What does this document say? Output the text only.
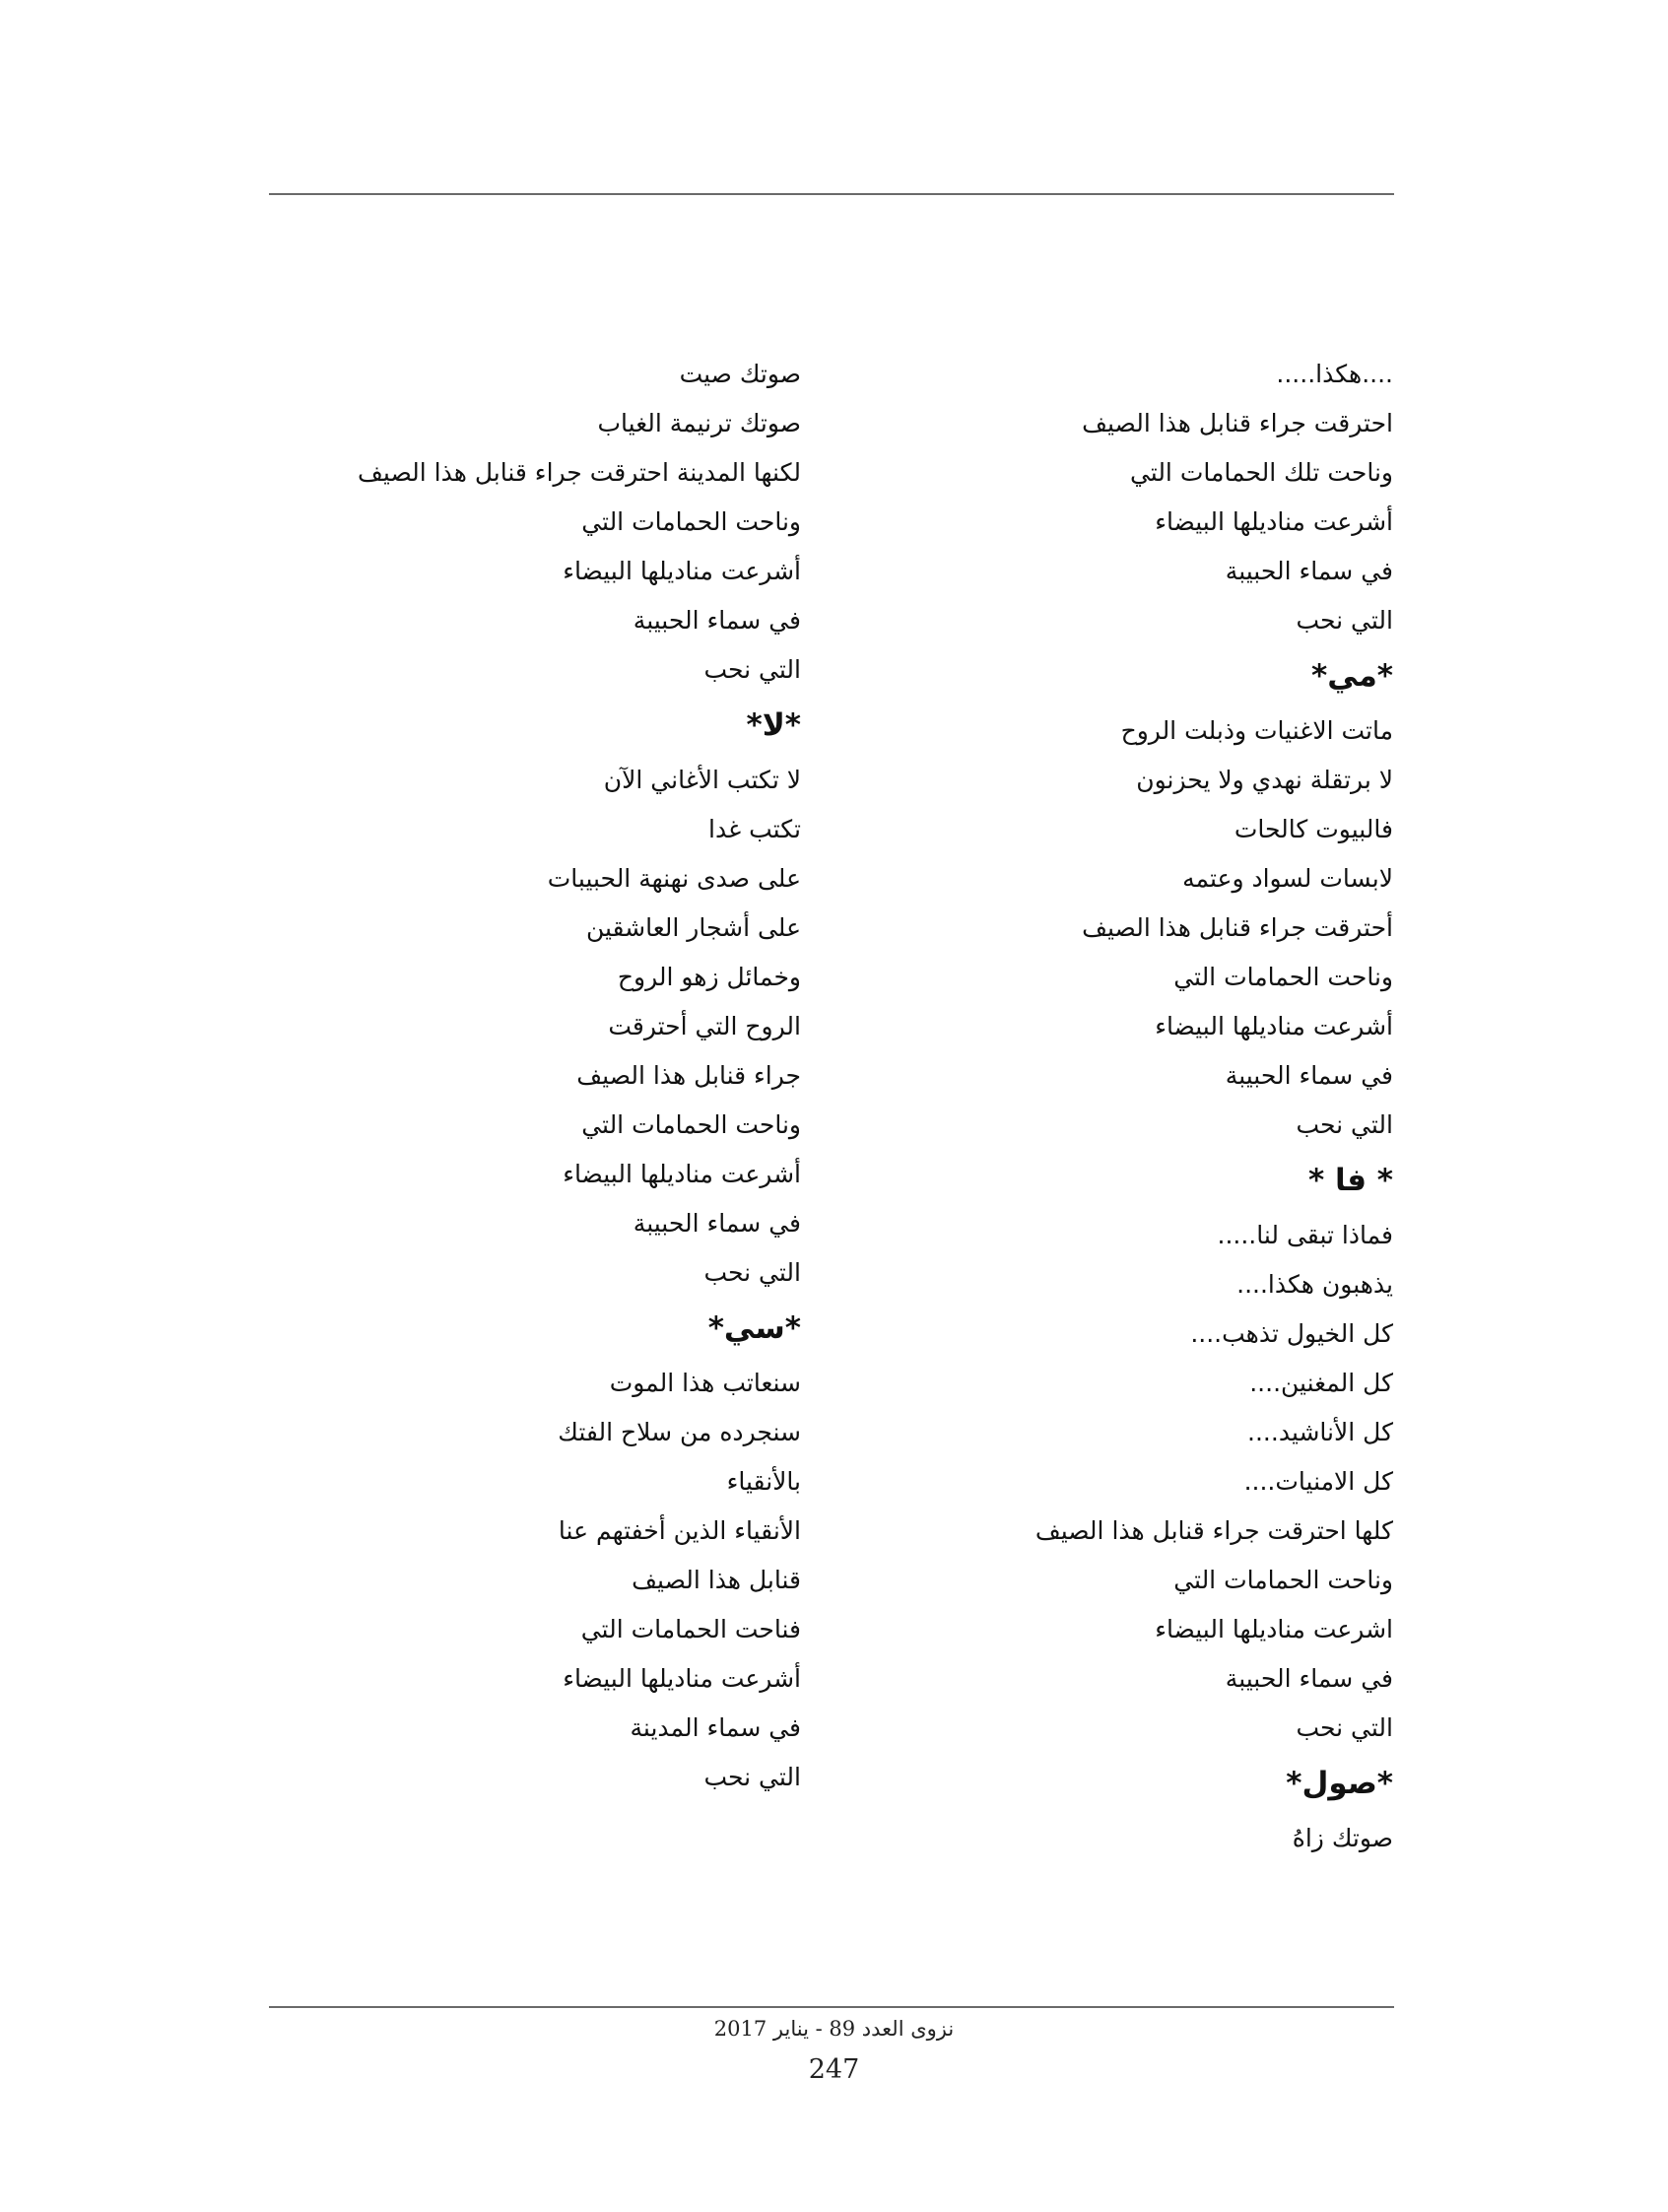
....هكذا.....
احترقت جراء قنابل هذا الصيف
وناحت تلك الحمامات التي
أشرعت مناديلها البيضاء
في سماء الحبيبة
التي نحب
*مي*
ماتت الاغنيات وذبلت الروح
لا برتقلة نهدي ولا يحزنون
فالبيوت كالحات
لابسات لسواد وعتمه
أحترقت جراء قنابل هذا الصيف
وناحت الحمامات التي
أشرعت مناديلها البيضاء
في سماء الحبيبة
التي نحب
* فا *
فماذا تبقى لنا.....
يذهبون هكذا....
كل الخيول تذهب....
كل المغنين....
كل الأناشيد....
كل الامنيات....
كلها احترقت جراء قنابل هذا الصيف
وناحت الحمامات التي
اشرعت مناديلها البيضاء
في سماء الحبيبة
التي نحب
*صول*
صوتك زاهُ
صوتك صيت
صوتك ترنيمة الغياب
لكنها المدينة احترقت جراء قنابل هذا الصيف
وناحت الحمامات التي
أشرعت مناديلها البيضاء
في سماء الحبيبة
التي نحب
*لا*
لا تكتب الأغاني الآن
تكتب غدا
على صدى نهنهة الحبيبات
على أشجار العاشقين
وخمائل زهو الروح
الروح التي أحترقت
جراء قنابل هذا الصيف
وناحت الحمامات التي
أشرعت مناديلها البيضاء
في سماء الحبيبة
التي نحب
*سي*
سنعاتب هذا الموت
سنجرده من سلاح الفتك
بالأنقياء
الأنقياء الذين أخفتهم عنا
قنابل هذا الصيف
فناحت الحمامات التي
أشرعت مناديلها البيضاء
في سماء المدينة
التي نحب
نزوى العدد 89 - يناير 2017
247
